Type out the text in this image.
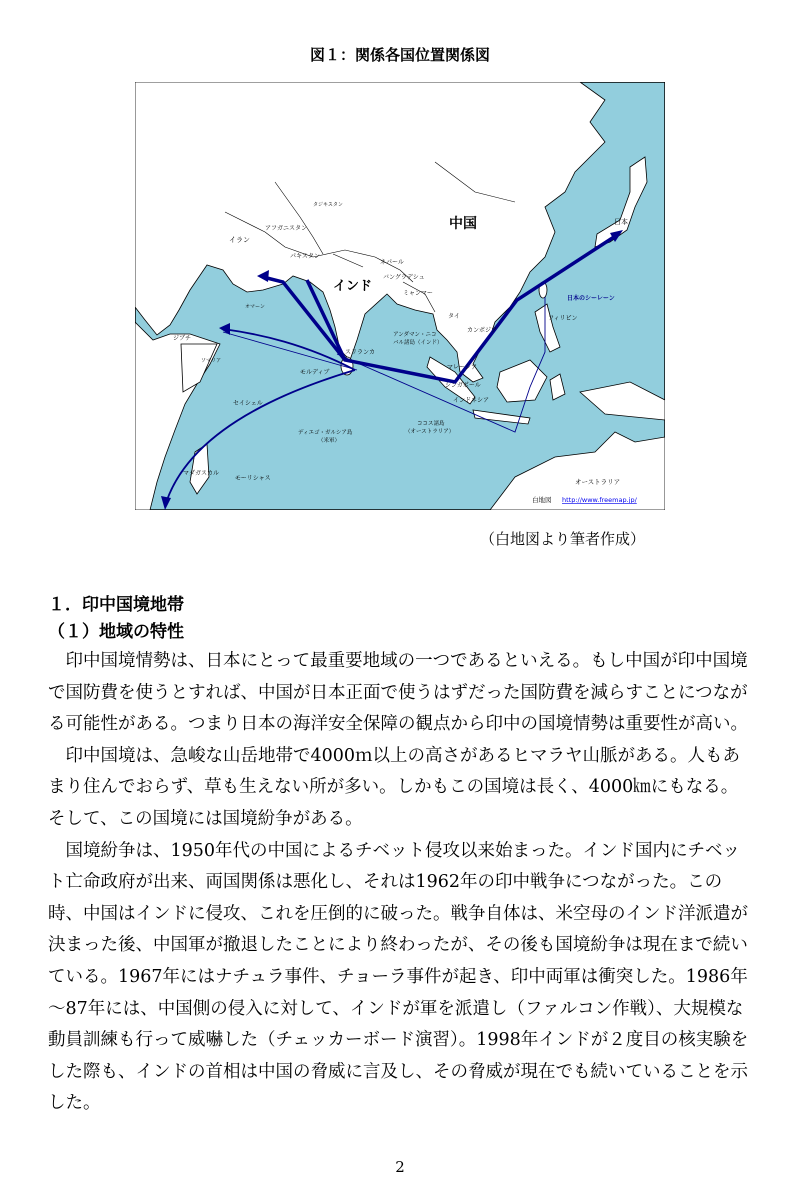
図１：関係各国位置関係図
中国
インド
日本
イラン
アフガニスタン
タジキスタン
パキスタン
ネパール
バングラデシュ
ミャンマー
タイ
カンボジア
フィリピン
アンダマン・ニコ
バル諸島（インド）
スリランカ
モルディブ
マレーシア
シンガポール
インドネシア
ジブチ
オマーン
ソマリア
セイシェル
ディエゴ・ガルシア島
（米軍）
ココス諸島
（オーストラリア）
マダガスカル
モーリシャス	オーストラリア
日本のシーレーン
白地図 http://www.freemap.jp/
（白地図より筆者作成）
１．印中国境地帯
（１）地域の特性

印中国境情勢は、日本にとって最重要地域の一つであるといえる。もし中国が印中国境で国防費を使うとすれば、中国が日本正面で使うはずだった国防費を減らすことにつながる可能性がある。つまり日本の海洋安全保障の観点から印中の国境情勢は重要性が高い。

印中国境は、急峻な山岳地帯で4000ｍ以上の高さがあるヒマラヤ山脈がある。人もあまり住んでおらず、草も生えない所が多い。しかもこの国境は長く、4000㎞にもなる。そして、この国境には国境紛争がある。

国境紛争は、1950年代の中国によるチベット侵攻以来始まった。インド国内にチベット亡命政府が出来、両国関係は悪化し、それは1962年の印中戦争につながった。この時、中国はインドに侵攻、これを圧倒的に破った。戦争自体は、米空母のインド洋派遣が決まった後、中国軍が撤退したことにより終わったが、その後も国境紛争は現在まで続いている。1967年にはナチュラ事件、チョーラ事件が起き、印中両軍は衝突した。1986年～87年には、中国側の侵入に対して、インドが軍を派遣し（ファルコン作戦）、大規模な動員訓練も行って威嚇した（チェッカーボード演習）。1998年インドが２度目の核実験をした際も、インドの首相は中国の脅威に言及し、その脅威が現在でも続いていることを示した。

2
